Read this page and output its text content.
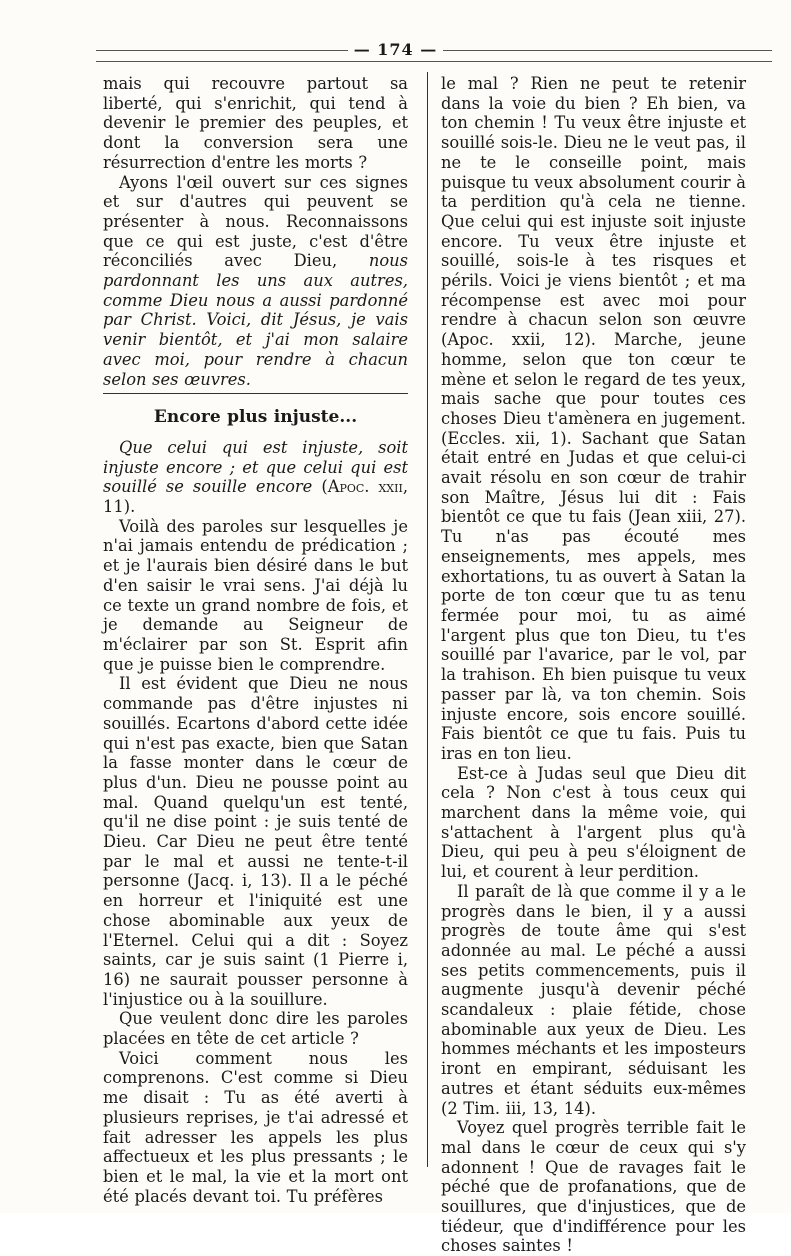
— 174 —

mais qui recouvre partout sa liberté, qui s'enrichit, qui tend à devenir le premier des peuples, et dont la conversion sera une résurrection d'entre les morts ?

Ayons l'œil ouvert sur ces signes et sur d'autres qui peuvent se présenter à nous. Reconnaissons que ce qui est juste, c'est d'être réconciliés avec Dieu, nous pardonnant les uns aux autres, comme Dieu nous a aussi pardonné par Christ. Voici, dit Jésus, je vais venir bientôt, et j'ai mon salaire avec moi, pour rendre à chacun selon ses œuvres.

Encore plus injuste...

Que celui qui est injuste, soit injuste encore ; et que celui qui est souillé se souille encore (Apoc. xxii, 11).

Voilà des paroles sur lesquelles je n'ai jamais entendu de prédication ; et je l'aurais bien désiré dans le but d'en saisir le vrai sens. J'ai déjà lu ce texte un grand nombre de fois, et je demande au Seigneur de m'éclairer par son St. Esprit afin que je puisse bien le comprendre.

Il est évident que Dieu ne nous commande pas d'être injustes ni souillés. Ecartons d'abord cette idée qui n'est pas exacte, bien que Satan la fasse monter dans le cœur de plus d'un. Dieu ne pousse point au mal. Quand quelqu'un est tenté, qu'il ne dise point : je suis tenté de Dieu. Car Dieu ne peut être tenté par le mal et aussi ne tente-t-il personne (Jacq. i, 13). Il a le péché en horreur et l'iniquité est une chose abominable aux yeux de l'Eternel. Celui qui a dit : Soyez saints, car je suis saint (1 Pierre i, 16) ne saurait pousser personne à l'injustice ou à la souillure.

Que veulent donc dire les paroles placées en tête de cet article ?

Voici comment nous les comprenons. C'est comme si Dieu me disait : Tu as été averti à plusieurs reprises, je t'ai adressé et fait adresser les appels les plus affectueux et les plus pressants ; le bien et le mal, la vie et la mort ont été placés devant toi. Tu préfères

le mal ? Rien ne peut te retenir dans la voie du bien ? Eh bien, va ton chemin ! Tu veux être injuste et souillé sois-le. Dieu ne le veut pas, il ne te le conseille point, mais puisque tu veux absolument courir à ta perdition qu'à cela ne tienne. Que celui qui est injuste soit injuste encore. Tu veux être injuste et souillé, sois-le à tes risques et périls. Voici je viens bientôt ; et ma récompense est avec moi pour rendre à chacun selon son œuvre (Apoc. xxii, 12). Marche, jeune homme, selon que ton cœur te mène et selon le regard de tes yeux, mais sache que pour toutes ces choses Dieu t'amènera en jugement. (Eccles. xii, 1). Sachant que Satan était entré en Judas et que celui-ci avait résolu en son cœur de trahir son Maître, Jésus lui dit : Fais bientôt ce que tu fais (Jean xiii, 27). Tu n'as pas écouté mes enseignements, mes appels, mes exhortations, tu as ouvert à Satan la porte de ton cœur que tu as tenu fermée pour moi, tu as aimé l'argent plus que ton Dieu, tu t'es souillé par l'avarice, par le vol, par la trahison. Eh bien puisque tu veux passer par là, va ton chemin. Sois injuste encore, sois encore souillé. Fais bientôt ce que tu fais. Puis tu iras en ton lieu.

Est-ce à Judas seul que Dieu dit cela ? Non c'est à tous ceux qui marchent dans la même voie, qui s'attachent à l'argent plus qu'à Dieu, qui peu à peu s'éloignent de lui, et courent à leur perdition.

Il paraît de là que comme il y a le progrès dans le bien, il y a aussi progrès de toute âme qui s'est adonnée au mal. Le péché a aussi ses petits commencements, puis il augmente jusqu'à devenir péché scandaleux : plaie fétide, chose abominable aux yeux de Dieu. Les hommes méchants et les imposteurs iront en empirant, séduisant les autres et étant séduits eux-mêmes (2 Tim. iii, 13, 14).

Voyez quel progrès terrible fait le mal dans le cœur de ceux qui s'y adonnent ! Que de ravages fait le péché que de profanations, que de souillures, que d'injustices, que de tiédeur, que d'indifférence pour les choses saintes !
